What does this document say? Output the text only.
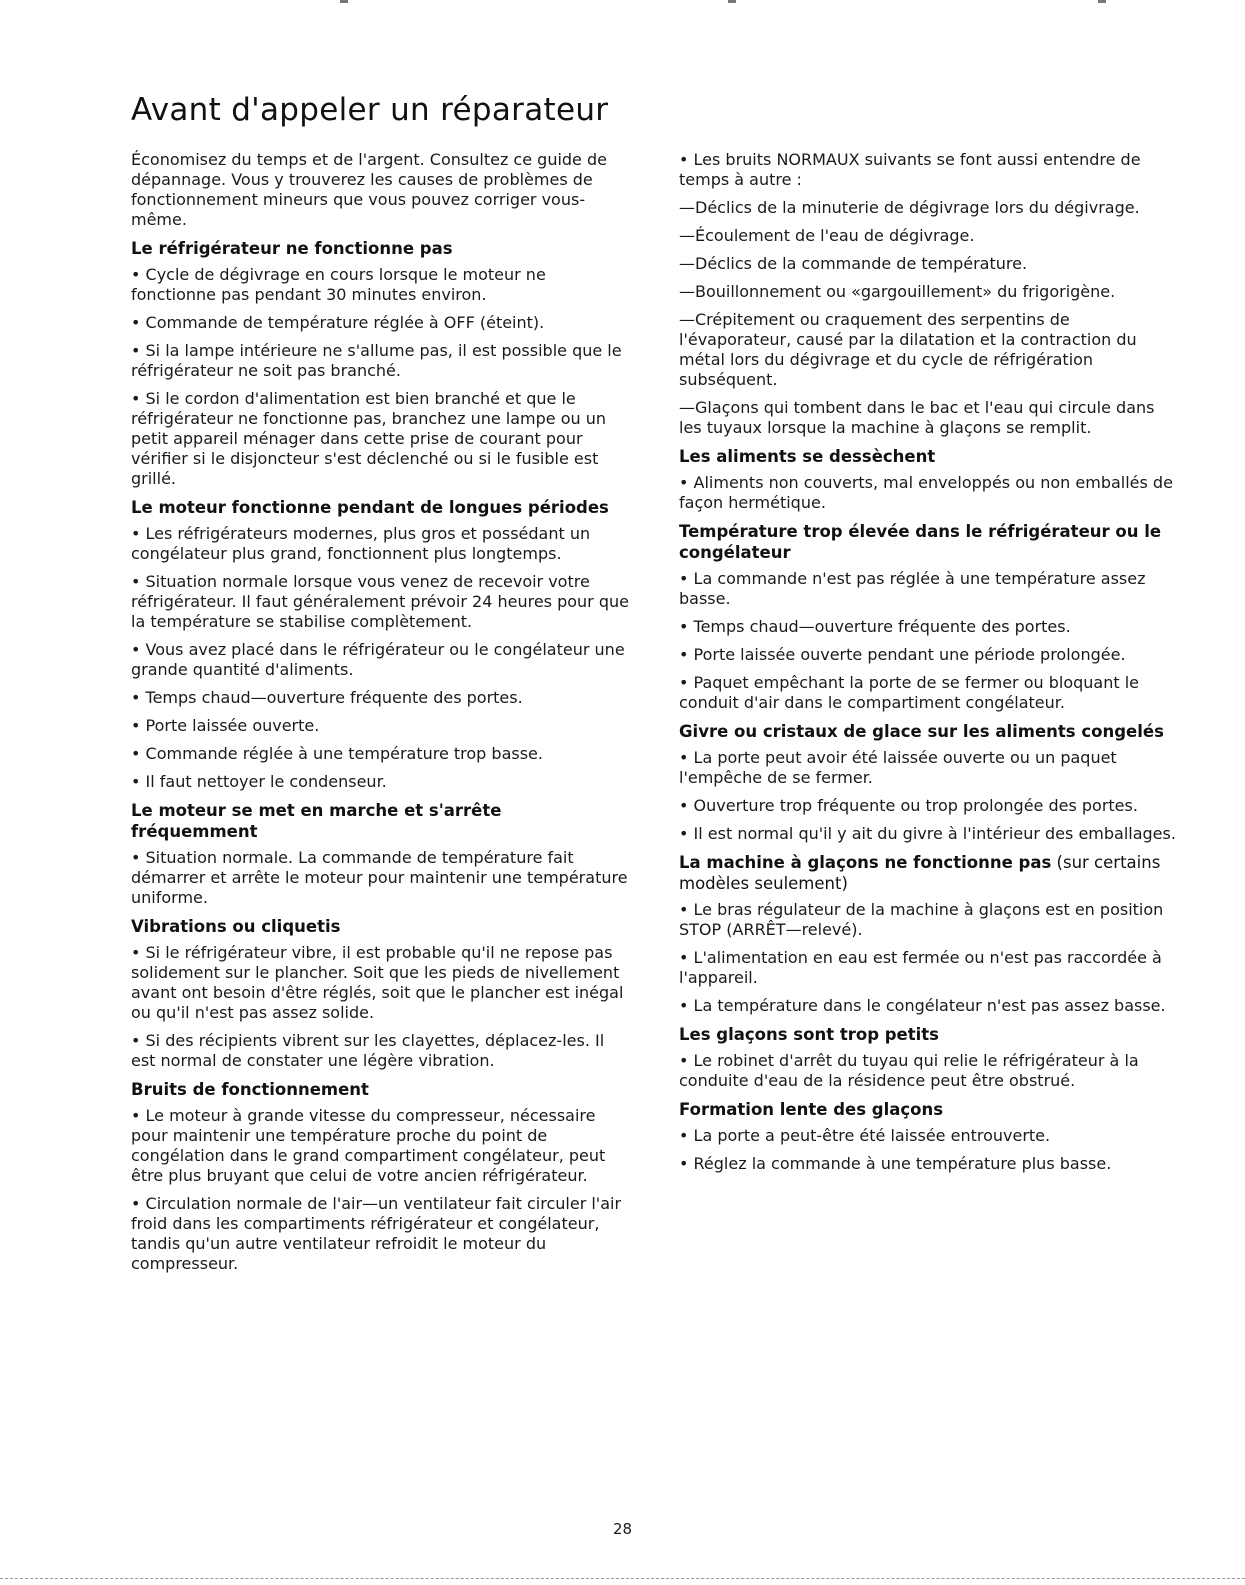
Avant d'appeler un réparateur

Économisez du temps et de l'argent. Consultez ce guide de dépannage. Vous y trouverez les causes de problèmes de fonctionnement mineurs que vous pouvez corriger vous-même.

Le réfrigérateur ne fonctionne pas

• Cycle de dégivrage en cours lorsque le moteur ne fonctionne pas pendant 30 minutes environ.

• Commande de température réglée à OFF (éteint).

• Si la lampe intérieure ne s'allume pas, il est possible que le réfrigérateur ne soit pas branché.

• Si le cordon d'alimentation est bien branché et que le réfrigérateur ne fonctionne pas, branchez une lampe ou un petit appareil ménager dans cette prise de courant pour vérifier si le disjoncteur s'est déclenché ou si le fusible est grillé.

Le moteur fonctionne pendant de longues périodes

• Les réfrigérateurs modernes, plus gros et possédant un congélateur plus grand, fonctionnent plus longtemps.

• Situation normale lorsque vous venez de recevoir votre réfrigérateur. Il faut généralement prévoir 24 heures pour que la température se stabilise complètement.

• Vous avez placé dans le réfrigérateur ou le congélateur une grande quantité d'aliments.

• Temps chaud—ouverture fréquente des portes.

• Porte laissée ouverte.

• Commande réglée à une température trop basse.

• Il faut nettoyer le condenseur.

Le moteur se met en marche et s'arrête fréquemment

• Situation normale. La commande de température fait démarrer et arrête le moteur pour maintenir une température uniforme.

Vibrations ou cliquetis

• Si le réfrigérateur vibre, il est probable qu'il ne repose pas solidement sur le plancher. Soit que les pieds de nivellement avant ont besoin d'être réglés, soit que le plancher est inégal ou qu'il n'est pas assez solide.

• Si des récipients vibrent sur les clayettes, déplacez-les. Il est normal de constater une légère vibration.

Bruits de fonctionnement

• Le moteur à grande vitesse du compresseur, nécessaire pour maintenir une température proche du point de congélation dans le grand compartiment congélateur, peut être plus bruyant que celui de votre ancien réfrigérateur.

• Circulation normale de l'air—un ventilateur fait circuler l'air froid dans les compartiments réfrigérateur et congélateur, tandis qu'un autre ventilateur refroidit le moteur du compresseur.

• Les bruits NORMAUX suivants se font aussi entendre de temps à autre :

—Déclics de la minuterie de dégivrage lors du dégivrage.

—Écoulement de l'eau de dégivrage.

—Déclics de la commande de température.

—Bouillonnement ou «gargouillement» du frigorigène.

—Crépitement ou craquement des serpentins de l'évaporateur, causé par la dilatation et la contraction du métal lors du dégivrage et du cycle de réfrigération subséquent.

—Glaçons qui tombent dans le bac et l'eau qui circule dans les tuyaux lorsque la machine à glaçons se remplit.

Les aliments se dessèchent

• Aliments non couverts, mal enveloppés ou non emballés de façon hermétique.

Température trop élevée dans le réfrigérateur ou le congélateur

• La commande n'est pas réglée à une température assez basse.

• Temps chaud—ouverture fréquente des portes.

• Porte laissée ouverte pendant une période prolongée.

• Paquet empêchant la porte de se fermer ou bloquant le conduit d'air dans le compartiment congélateur.

Givre ou cristaux de glace sur les aliments congelés

• La porte peut avoir été laissée ouverte ou un paquet l'empêche de se fermer.

• Ouverture trop fréquente ou trop prolongée des portes.

• Il est normal qu'il y ait du givre à l'intérieur des emballages.

La machine à glaçons ne fonctionne pas (sur certains modèles seulement)

• Le bras régulateur de la machine à glaçons est en position STOP (ARRÊT—relevé).

• L'alimentation en eau est fermée ou n'est pas raccordée à l'appareil.

• La température dans le congélateur n'est pas assez basse.

Les glaçons sont trop petits

• Le robinet d'arrêt du tuyau qui relie le réfrigérateur à la conduite d'eau de la résidence peut être obstrué.

Formation lente des glaçons

• La porte a peut-être été laissée entrouverte.

• Réglez la commande à une température plus basse.

28
